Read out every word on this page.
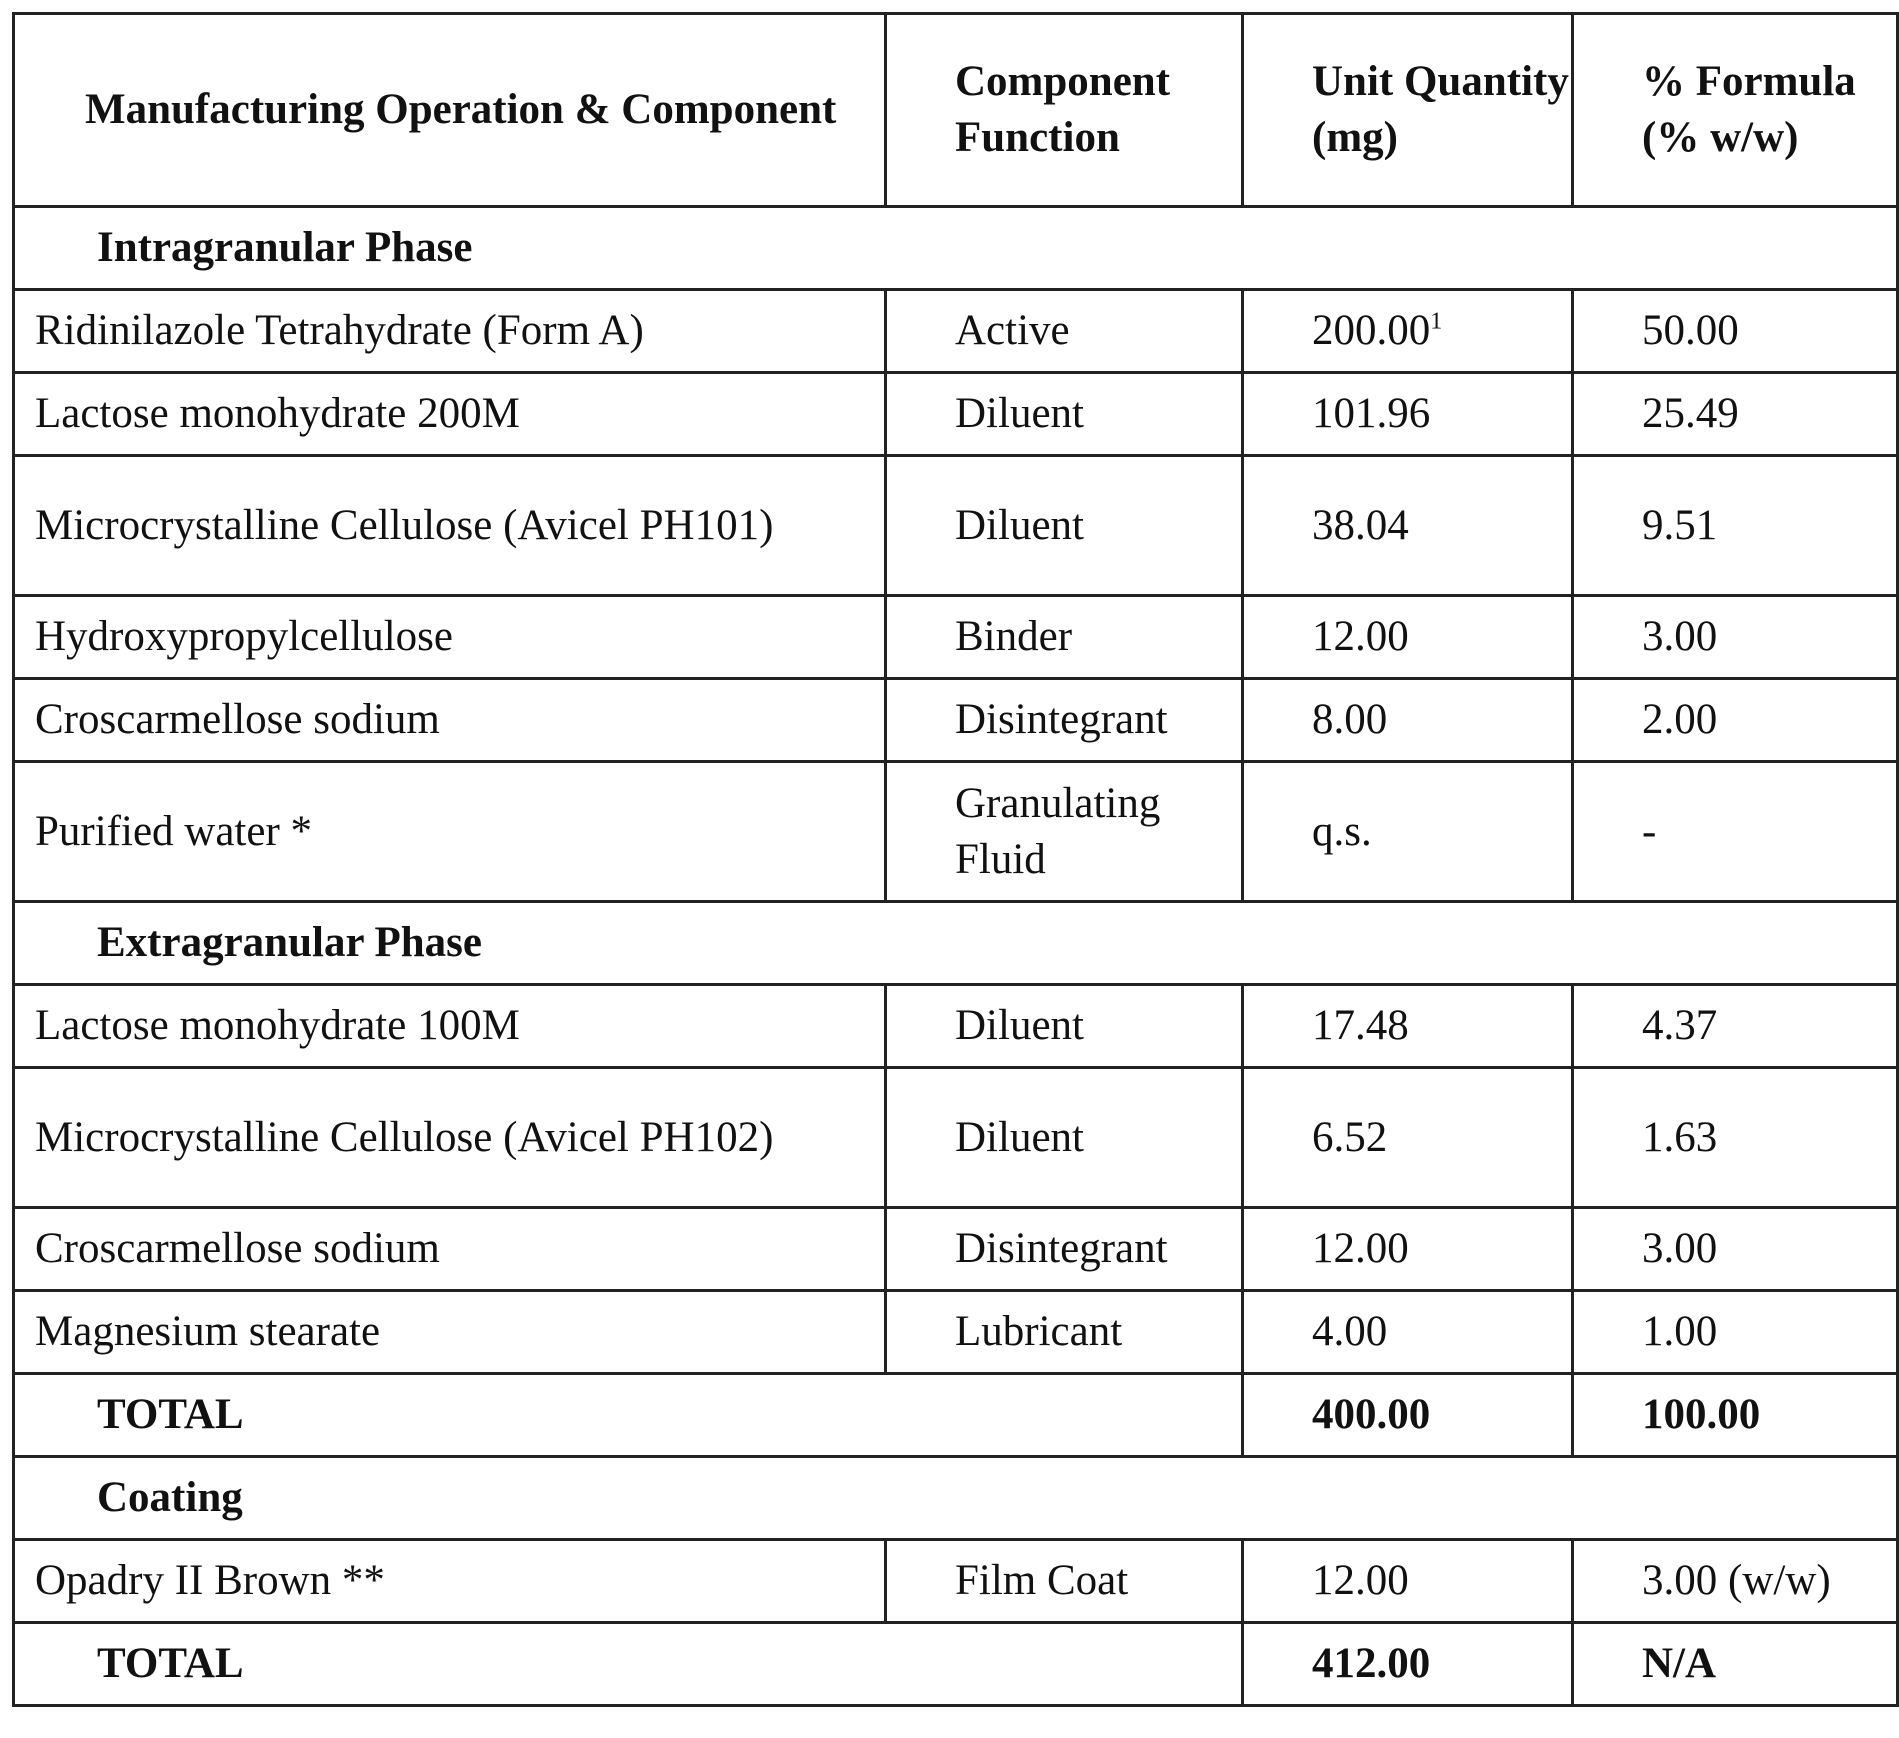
Manufacturing Operation & Component	Component Function	Unit Quantity (mg)	% Formula (% w/w)
Intragranular Phase
Ridinilazole Tetrahydrate (Form A)	Active	200.001	50.00
Lactose monohydrate 200M	Diluent	101.96	25.49
Microcrystalline Cellulose (Avicel PH101)	Diluent	38.04	9.51
Hydroxypropylcellulose	Binder	12.00	3.00
Croscarmellose sodium	Disintegrant	8.00	2.00
Purified water *	Granulating Fluid	q.s.	-
Extragranular Phase
Lactose monohydrate 100M	Diluent	17.48	4.37
Microcrystalline Cellulose (Avicel PH102)	Diluent	6.52	1.63
Croscarmellose sodium	Disintegrant	12.00	3.00
Magnesium stearate	Lubricant	4.00	1.00
TOTAL	400.00	100.00
Coating
Opadry II Brown **	Film Coat	12.00	3.00 (w/w)
TOTAL	412.00	N/A
